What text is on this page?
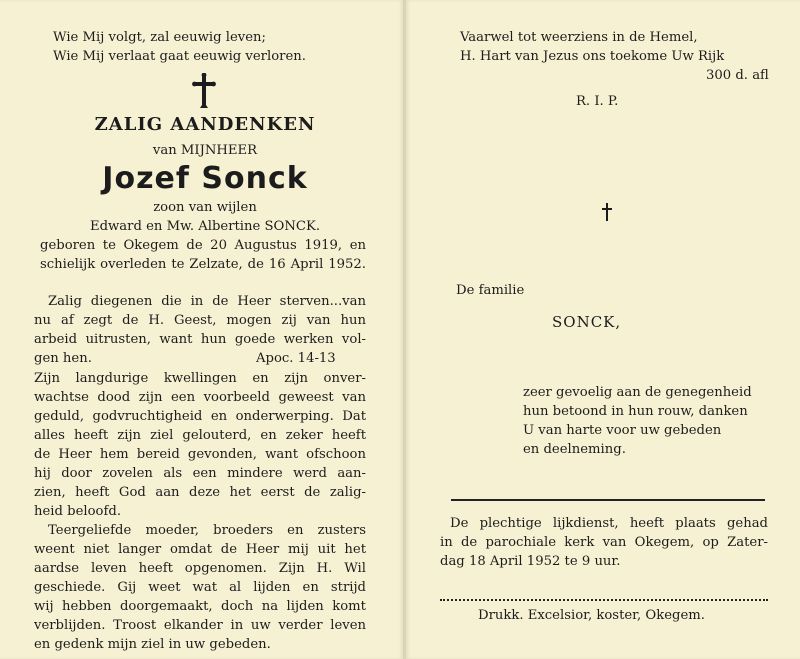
Wie Mij volgt, zal eeuwig leven;
Wie Mij verlaat gaat eeuwig verloren.
ZALIG AANDENKEN
van MIJNHEER
Jozef Sonck
zoon van wijlen
Edward en Mw. Albertine SONCK.
geboren te Okegem de 20 Augustus 1919, en
schielijk overleden te Zelzate, de 16 April 1952.
Zalig diegenen die in de Heer sterven...van
nu af zegt de H. Geest, mogen zij van hun
arbeid uitrusten, want hun goede werken vol-
gen hen.	Apoc. 14-13
Zijn langdurige kwellingen en zijn onver-
wachtse dood zijn een voorbeeld geweest van
geduld, godvruchtigheid en onderwerping. Dat
alles heeft zijn ziel gelouterd, en zeker heeft
de Heer hem bereid gevonden, want ofschoon
hij door zovelen als een mindere werd aan-
zien, heeft God aan deze het eerst de zalig-
heid beloofd.
Teergeliefde moeder, broeders en zusters
weent niet langer omdat de Heer mij uit het
aardse leven heeft opgenomen. Zijn H. Wil
geschiede. Gij weet wat al lijden en strijd
wij hebben doorgemaakt, doch na lijden komt
verblijden. Troost elkander in uw verder leven
en gedenk mijn ziel in uw gebeden.
Vaarwel tot weerziens in de Hemel,
H. Hart van Jezus ons toekome Uw Rijk
300 d. afl
R. I. P.
De familie
SONCK,
zeer gevoelig aan de genegenheid
hun betoond in hun rouw, danken
U van harte voor uw gebeden
en deelneming.
De plechtige lijkdienst, heeft plaats gehad
in de parochiale kerk van Okegem, op Zater-
dag 18 April 1952 te 9 uur.
Drukk. Excelsior, koster, Okegem.
